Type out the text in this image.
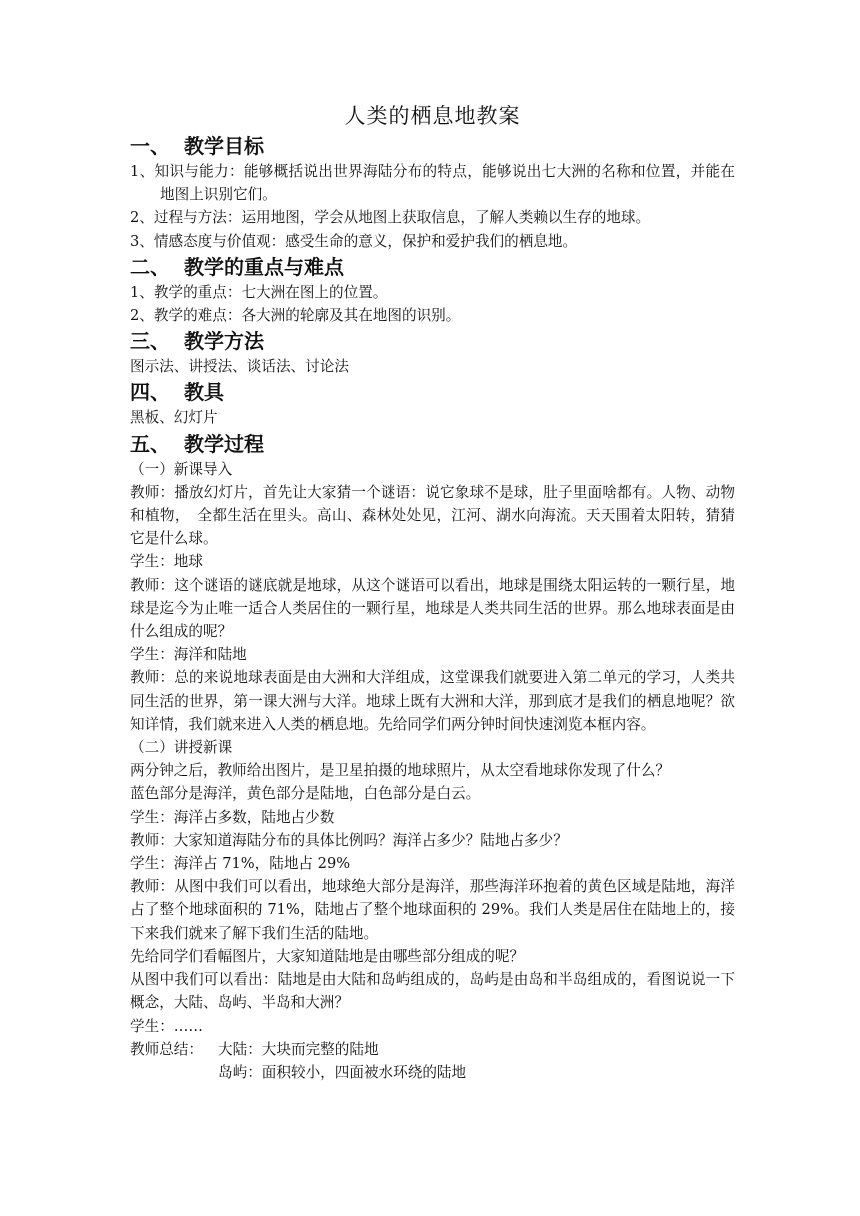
人类的栖息地教案
一、 教学目标

1、知识与能力：能够概括说出世界海陆分布的特点，能够说出七大洲的名称和位置，并能在地图上识别它们。

2、过程与方法：运用地图，学会从地图上获取信息，了解人类赖以生存的地球。

3、情感态度与价值观：感受生命的意义，保护和爱护我们的栖息地。

二、 教学的重点与难点

1、教学的重点：七大洲在图上的位置。

2、教学的难点：各大洲的轮廓及其在地图的识别。

三、 教学方法

图示法、讲授法、谈话法、讨论法

四、 教具

黑板、幻灯片

五、 教学过程

（一）新课导入

教师：播放幻灯片，首先让大家猜一个谜语：说它象球不是球，肚子里面啥都有。人物、动物和植物，　全都生活在里头。高山、森林处处见，江河、湖水向海流。天天围着太阳转，猜猜它是什么球。

学生：地球

教师：这个谜语的谜底就是地球，从这个谜语可以看出，地球是围绕太阳运转的一颗行星，地球是迄今为止唯一适合人类居住的一颗行星，地球是人类共同生活的世界。那么地球表面是由什么组成的呢？

学生：海洋和陆地

教师：总的来说地球表面是由大洲和大洋组成，这堂课我们就要进入第二单元的学习，人类共同生活的世界，第一课大洲与大洋。地球上既有大洲和大洋，那到底才是我们的栖息地呢？欲知详情，我们就来进入人类的栖息地。先给同学们两分钟时间快速浏览本框内容。

（二）讲授新课

两分钟之后，教师给出图片，是卫星拍摄的地球照片，从太空看地球你发现了什么？

蓝色部分是海洋，黄色部分是陆地，白色部分是白云。

学生：海洋占多数，陆地占少数

教师：大家知道海陆分布的具体比例吗？海洋占多少？陆地占多少？

学生：海洋占 71%，陆地占 29%

教师：从图中我们可以看出，地球绝大部分是海洋，那些海洋环抱着的黄色区域是陆地，海洋占了整个地球面积的 71%，陆地占了整个地球面积的 29%。我们人类是居住在陆地上的，接下来我们就来了解下我们生活的陆地。

先给同学们看幅图片，大家知道陆地是由哪些部分组成的呢？

从图中我们可以看出：陆地是由大陆和岛屿组成的，岛屿是由岛和半岛组成的，看图说说一下概念，大陆、岛屿、半岛和大洲？

学生：……

教师总结：	大陆：大块而完整的陆地
岛屿：面积较小，四面被水环绕的陆地
